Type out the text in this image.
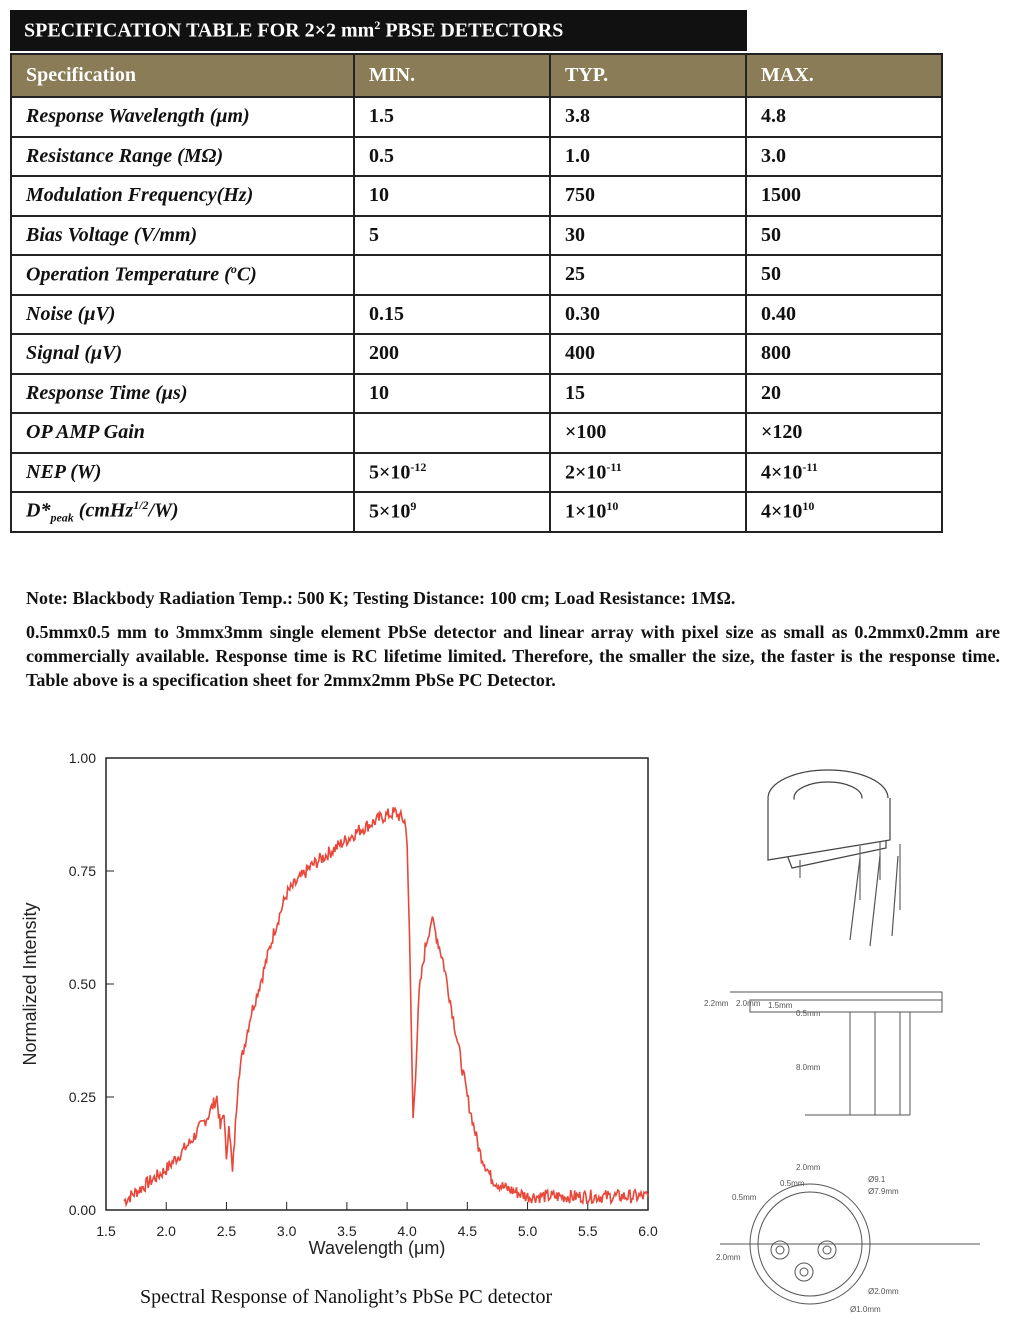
SPECIFICATION TABLE FOR 2×2 $mm^2$ PBSE DETECTORS
Specification	MIN.	TYP.	MAX.
Response Wavelength (μm)	1.5	3.8	4.8
Resistance Range (MΩ)	0.5	1.0	3.0
Modulation Frequency(Hz)	10	750	1500
Bias Voltage (V/mm)	5	30	50
Operation Temperature ($^o$C)		25	50
Noise (μV)	0.15	0.30	0.40
Signal (μV)	200	400	800
Response Time (μs)	10	15	20
OP AMP Gain		×100	×120
NEP (W)	$5\times 10^{-12}$	$2\times 10^{-11}$	$4\times 10^{-11}$
$D*_{peak}$ (cmHz$^{1/2}$/W)	$5\times 10^9$	$1\times 10^{10}$	$4\times 10^{10}$
Note: Blackbody Radiation Temp.: 500 K; Testing Distance: 100 cm; Load Resistance: 1MΩ.
0.5mmx0.5 mm to 3mmx3mm single element PbSe detector and linear array with pixel size as small as 0.2mmx0.2mm are commercially available. Response time is RC lifetime limited. Therefore, the smaller the size, the faster is the response time. Table above is a specification sheet for 2mmx2mm PbSe PC Detector.
1.5	2.0	2.5	3.0	3.5	4.0	4.5	5.0	5.5	6.0
0.00
0.25
0.50
0.75
1.00
Wavelength (μm)
Normalized Intensity
Spectral Response of Nanolight’s PbSe PC detector
2.2mm 2.0mm 1.5mm
0.5mm
8.0mm
2.0mm
0.5mm	Ø9.1
Ø7.9mm
0.5mm
2.0mm
Ø2.0mm
Ø1.0mm
